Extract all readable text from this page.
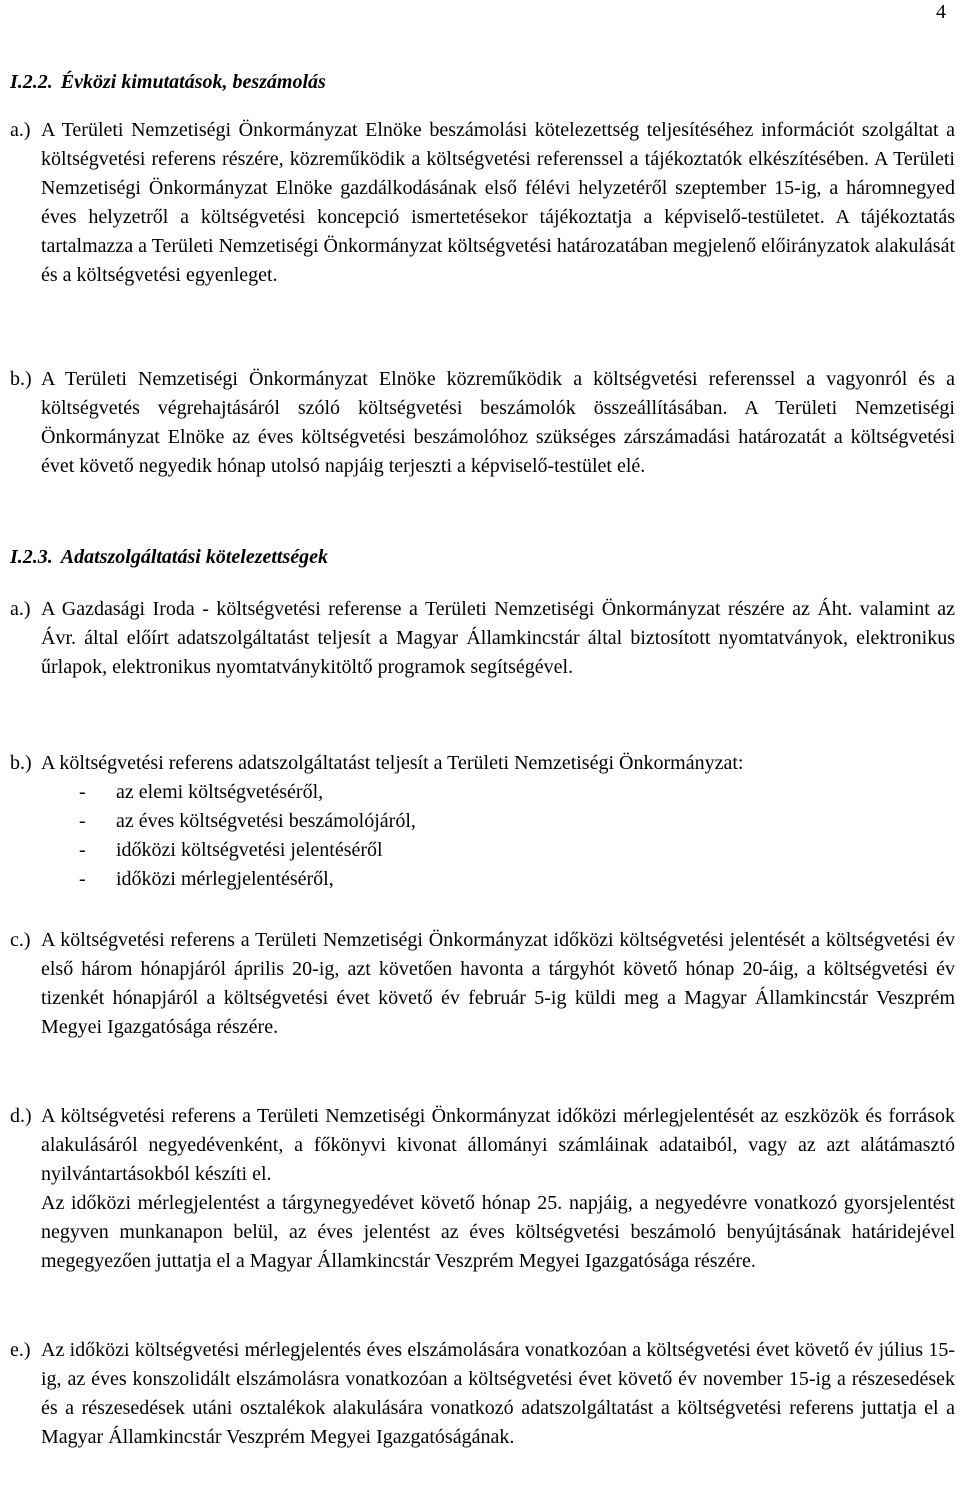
4
I.2.2. Évközi kimutatások, beszámolás
a.) A Területi Nemzetiségi Önkormányzat Elnöke beszámolási kötelezettség teljesítéséhez információt szolgáltat a költségvetési referens részére, közreműködik a költségvetési referenssel a tájékoztatók elkészítésében. A Területi Nemzetiségi Önkormányzat Elnöke gazdálkodásának első félévi helyzetéről szeptember 15-ig, a háromnegyed éves helyzetről a költségvetési koncepció ismertetésekor tájékoztatja a képviselő-testületet. A tájékoztatás tartalmazza a Területi Nemzetiségi Önkormányzat költségvetési határozatában megjelenő előirányzatok alakulását és a költségvetési egyenleget.

b.) A Területi Nemzetiségi Önkormányzat Elnöke közreműködik a költségvetési referenssel a vagyonról és a költségvetés végrehajtásáról szóló költségvetési beszámolók összeállításában. A Területi Nemzetiségi Önkormányzat Elnöke az éves költségvetési beszámolóhoz szükséges zárszámadási határozatát a költségvetési évet követő negyedik hónap utolsó napjáig terjeszti a képviselő-testület elé.

I.2.3. Adatszolgáltatási kötelezettségek
a.) A Gazdasági Iroda - költségvetési referense a Területi Nemzetiségi Önkormányzat részére az Áht. valamint az Ávr. által előírt adatszolgáltatást teljesít a Magyar Államkincstár által biztosított nyomtatványok, elektronikus űrlapok, elektronikus nyomtatványkitöltő programok segítségével.

b.) A költségvetési referens adatszolgáltatást teljesít a Területi Nemzetiségi Önkormányzat:

- az elemi költségvetéséről,
- az éves költségvetési beszámolójáról,
- időközi költségvetési jelentéséről
- időközi mérlegjelentéséről,
c.) A költségvetési referens a Területi Nemzetiségi Önkormányzat időközi költségvetési jelentését a költségvetési év első három hónapjáról április 20-ig, azt követően havonta a tárgyhót követő hónap 20-áig, a költségvetési év tizenkét hónapjáról a költségvetési évet követő év február 5-ig küldi meg a Magyar Államkincstár Veszprém Megyei Igazgatósága részére.

d.) A költségvetési referens a Területi Nemzetiségi Önkormányzat időközi mérlegjelentését az eszközök és források alakulásáról negyedévenként, a főkönyvi kivonat állományi számláinak adataiból, vagy az azt alátámasztó nyilvántartásokból készíti el.

Az időközi mérlegjelentést a tárgynegyedévet követő hónap 25. napjáig, a negyedévre vonatkozó gyorsjelentést negyven munkanapon belül, az éves jelentést az éves költségvetési beszámoló benyújtásának határidejével megegyezően juttatja el a Magyar Államkincstár Veszprém Megyei Igazgatósága részére.

e.) Az időközi költségvetési mérlegjelentés éves elszámolására vonatkozóan a költségvetési évet követő év július 15-ig, az éves konszolidált elszámolásra vonatkozóan a költségvetési évet követő év november 15-ig a részesedések és a részesedések utáni osztalékok alakulására vonatkozó adatszolgáltatást a költségvetési referens juttatja el a Magyar Államkincstár Veszprém Megyei Igazgatóságának.
